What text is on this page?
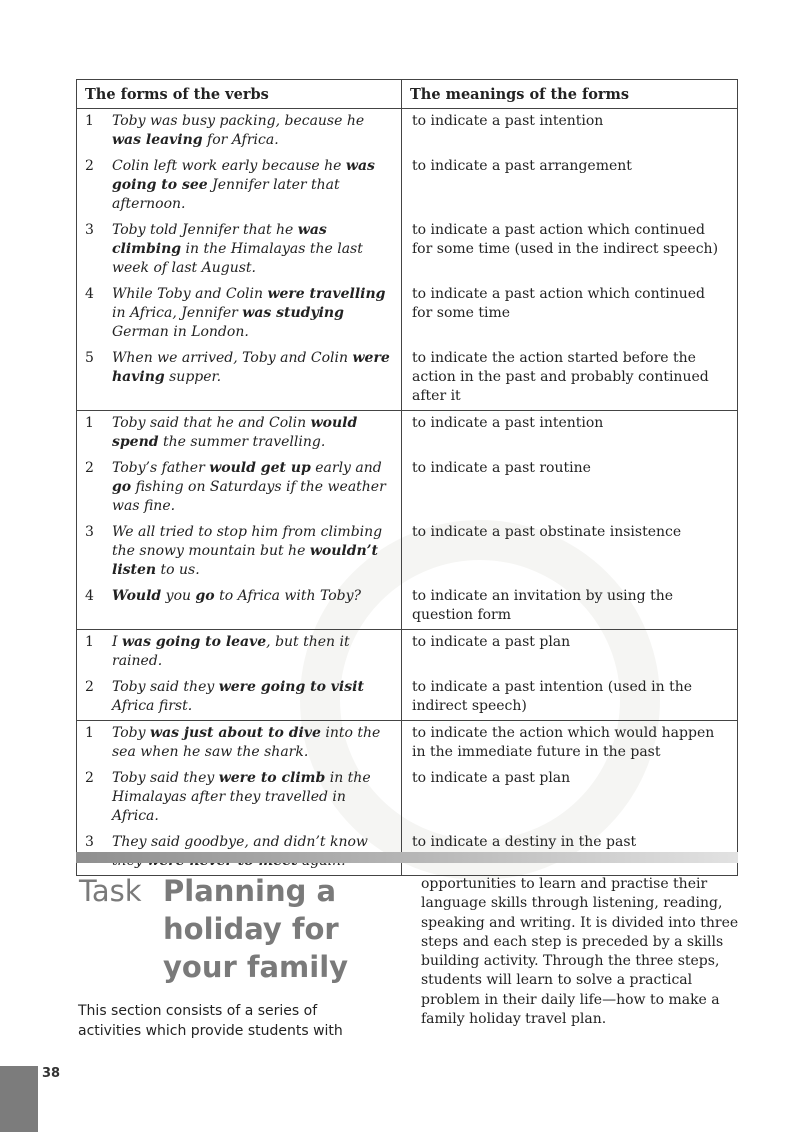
The forms of the verbs	The meanings of the forms
1 Toby was busy packing, because he was leaving for Africa.	to indicate a past intention
2 Colin left work early because he was going to see Jennifer later that afternoon.	to indicate a past arrangement
3 Toby told Jennifer that he was climbing in the Himalayas the last week of last August.	to indicate a past action which continued for some time (used in the indirect speech)
4 While Toby and Colin were travelling in Africa, Jennifer was studying German in London.	to indicate a past action which continued for some time
5 When we arrived, Toby and Colin were having supper.	to indicate the action started before the action in the past and probably continued after it
1 Toby said that he and Colin would spend the summer travelling.	to indicate a past intention
2 Toby’s father would get up early and go fishing on Saturdays if the weather was fine.	to indicate a past routine
3 We all tried to stop him from climbing the snowy mountain but he wouldn’t listen to us.	to indicate a past obstinate insistence
4 Would you go to Africa with Toby?	to indicate an invitation by using the question form
1 I was going to leave, but then it rained.	to indicate a past plan
2 Toby said they were going to visit Africa first.	to indicate a past intention (used in the indirect speech)
1 Toby was just about to dive into the sea when he saw the shark.	to indicate the action which would happen in the immediate future in the past
2 Toby said they were to climb in the Himalayas after they travelled in Africa.	to indicate a past plan
3 They said goodbye, and didn’t know	to indicate a destiny in the past
Task Planning a holiday for your family
This section consists of a series of activities which provide students with
opportunities to learn and practise their language skills through listening, reading, speaking and writing. It is divided into three steps and each step is preceded by a skills building activity. Through the three steps, students will learn to solve a practical problem in their daily life—how to make a family holiday travel plan.
38
